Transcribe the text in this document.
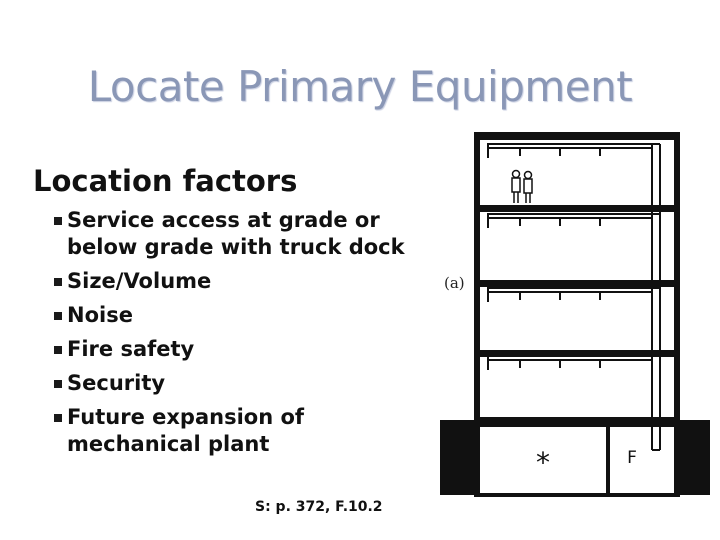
Locate Primary Equipment
Location factors
Service access at grade or below grade with truck dock
Size/Volume
Noise
Fire safety
Security
Future expansion of mechanical plant
S: p. 372, F.10.2
(a)
*	F
